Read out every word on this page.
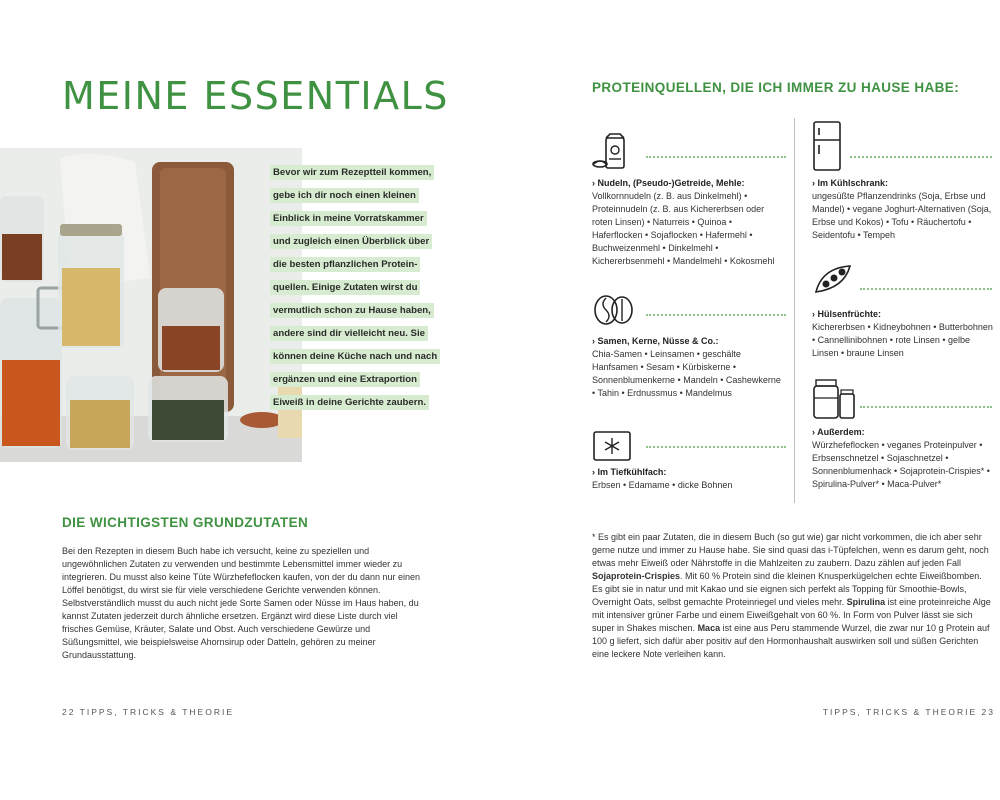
MEINE ESSENTIALS

Bevor wir zum Rezeptteil kommen,
gebe ich dir noch einen kleinen
Einblick in meine Vorratskammer
und zugleich einen Überblick über
die besten pflanzlichen Protein-
quellen. Einige Zutaten wirst du
vermutlich schon zu Hause haben,
andere sind dir vielleicht neu. Sie
können deine Küche nach und nach
ergänzen und eine Extraportion
Eiweiß in deine Gerichte zaubern.

DIE WICHTIGSTEN GRUNDZUTATEN

Bei den Rezepten in diesem Buch habe ich versucht, keine zu speziellen und ungewöhnlichen Zutaten zu verwenden und bestimmte Lebensmittel immer wieder zu integrieren. Du musst also keine Tüte Würzhefeflocken kaufen, von der du dann nur einen Löffel benötigst, du wirst sie für viele verschiedene Gerichte verwenden können. Selbstverständlich musst du auch nicht jede Sorte Samen oder Nüsse im Haus haben, du kannst Zutaten jederzeit durch ähnliche ersetzen. Ergänzt wird diese Liste durch viel frisches Gemüse, Kräuter, Salate und Obst. Auch verschiedene Gewürze und Süßungsmittel, wie beispielsweise Ahornsirup oder Datteln, gehören zu meiner Grundausstattung.

22 TIPPS, TRICKS & THEORIE
PROTEINQUELLEN, DIE ICH IMMER ZU HAUSE HABE:
› Nudeln, (Pseudo-)Getreide, Mehle:
Vollkornnudeln (z. B. aus Dinkelmehl) • Proteinnudeln (z. B. aus Kichererbsen oder roten Linsen) • Naturreis • Quinoa • Haferflocken • Sojaflocken • Hafermehl • Buchweizenmehl • Dinkelmehl • Kichererbsenmehl • Mandelmehl • Kokosmehl
› Samen, Kerne, Nüsse & Co.:
Chia-Samen • Leinsamen • geschälte Hanfsamen • Sesam • Kürbiskerne • Sonnenblumenkerne • Mandeln • Cashewkerne • Tahin • Erdnussmus • Mandelmus
› Im Tiefkühlfach:
Erbsen • Edamame • dicke Bohnen
› Im Kühlschrank:
ungesüßte Pflanzendrinks (Soja, Erbse und Mandel) • vegane Joghurt-Alternativen (Soja, Erbse und Kokos) • Tofu • Räuchertofu • Seidentofu • Tempeh
› Hülsenfrüchte:
Kichererbsen • Kidneybohnen • Butterbohnen • Cannellinibohnen • rote Linsen • gelbe Linsen • braune Linsen
› Außerdem:
Würzhefeflocken • veganes Proteinpulver • Erbsenschnetzel • Sojaschnetzel • Sonnenblumenhack • Sojaprotein-Crispies* • Spirulina-Pulver* • Maca-Pulver*

* Es gibt ein paar Zutaten, die in diesem Buch (so gut wie) gar nicht vorkommen, die ich aber sehr gerne nutze und immer zu Hause habe. Sie sind quasi das i-Tüpfelchen, wenn es darum geht, noch etwas mehr Eiweiß oder Nährstoffe in die Mahlzeiten zu zaubern. Dazu zählen auf jeden Fall Sojaprotein-Crispies. Mit 60 % Protein sind die kleinen Knusperkügelchen echte Eiweißbomben. Es gibt sie in natur und mit Kakao und sie eignen sich perfekt als Topping für Smoothie-Bowls, Overnight Oats, selbst gemachte Proteinriegel und vieles mehr. Spirulina ist eine proteinreiche Alge mit intensiver grüner Farbe und einem Eiweißgehalt von 60 %. In Form von Pulver lässt sie sich super in Shakes mischen. Maca ist eine aus Peru stammende Wurzel, die zwar nur 10 g Protein auf 100 g liefert, sich dafür aber positiv auf den Hormonhaushalt auswirken soll und süßen Gerichten eine leckere Note verleihen kann.

TIPPS, TRICKS & THEORIE 23
